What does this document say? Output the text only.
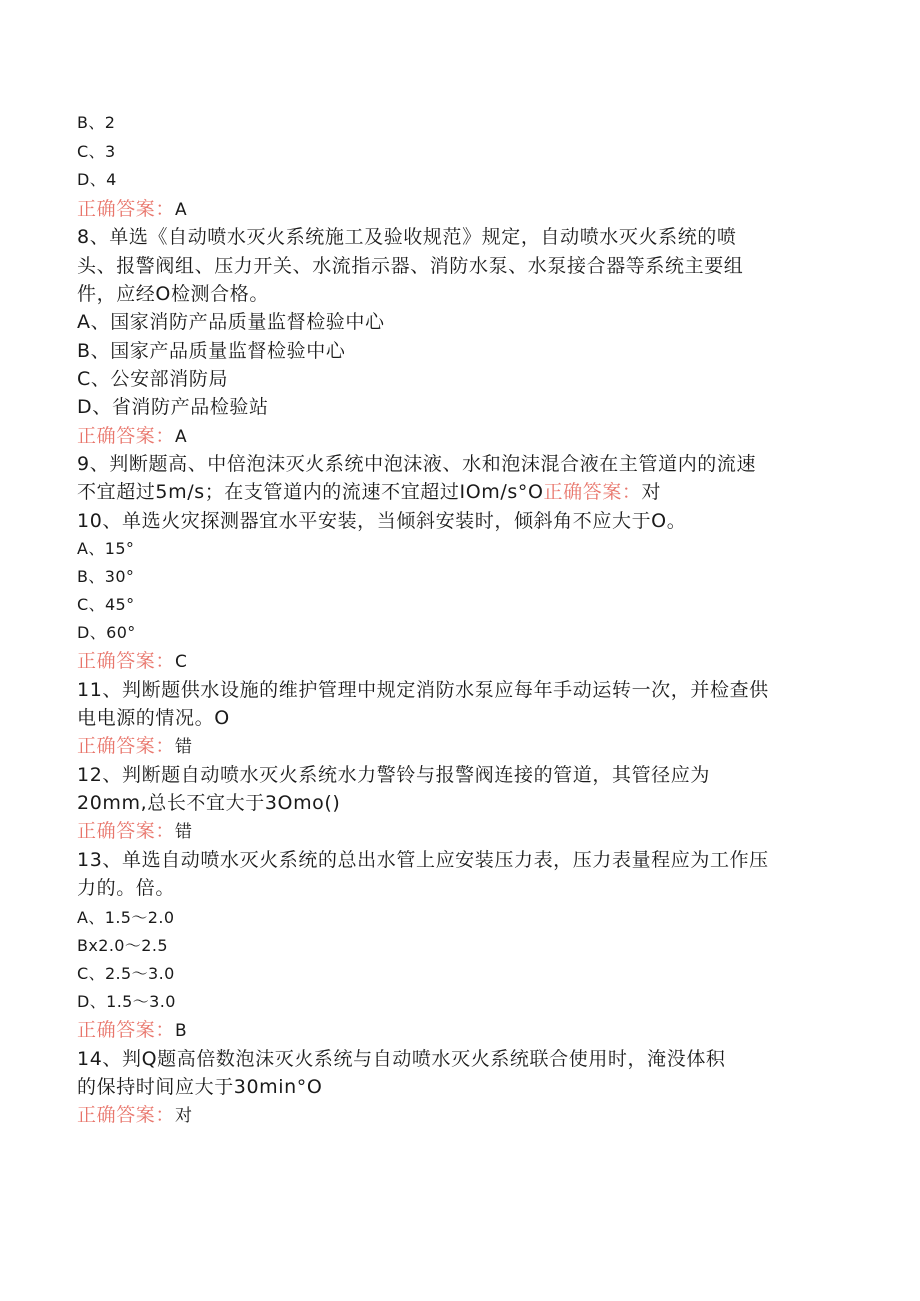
B、2
C、3
D、4
正确答案：A
8、单选《自动喷水灭火系统施工及验收规范》规定，自动喷水灭火系统的喷
头、报警阀组、压力开关、水流指示器、消防水泵、水泵接合器等系统主要组
件，应经O检测合格。
A、国家消防产品质量监督检验中心
B、国家产品质量监督检验中心
C、公安部消防局
D、省消防产品检验站
正确答案：A
9、判断题高、中倍泡沫灭火系统中泡沫液、水和泡沫混合液在主管道内的流速
不宜超过5m/s；在支管道内的流速不宜超过IOm∕s°O正确答案：对
10、单选火灾探测器宜水平安装，当倾斜安装时，倾斜角不应大于O。
A、15°
B、30°
C、45°
D、60°
正确答案：C
11、判断题供水设施的维护管理中规定消防水泵应每年手动运转一次，并检查供
电电源的情况。O
正确答案：错
12、判断题自动喷水灭火系统水力警铃与报警阀连接的管道，其管径应为
20mm,总长不宜大于3Omo()
正确答案：错
13、单选自动喷水灭火系统的总出水管上应安装压力表，压力表量程应为工作压
力的。倍。
A、1.5〜2.0
Bx2.0〜2.5
C、2.5〜3.0
D、1.5〜3.0
正确答案：B
14、判Q题高倍数泡沫灭火系统与自动喷水灭火系统联合使用时，淹没体积
的保持时间应大于30min°O
正确答案：对
